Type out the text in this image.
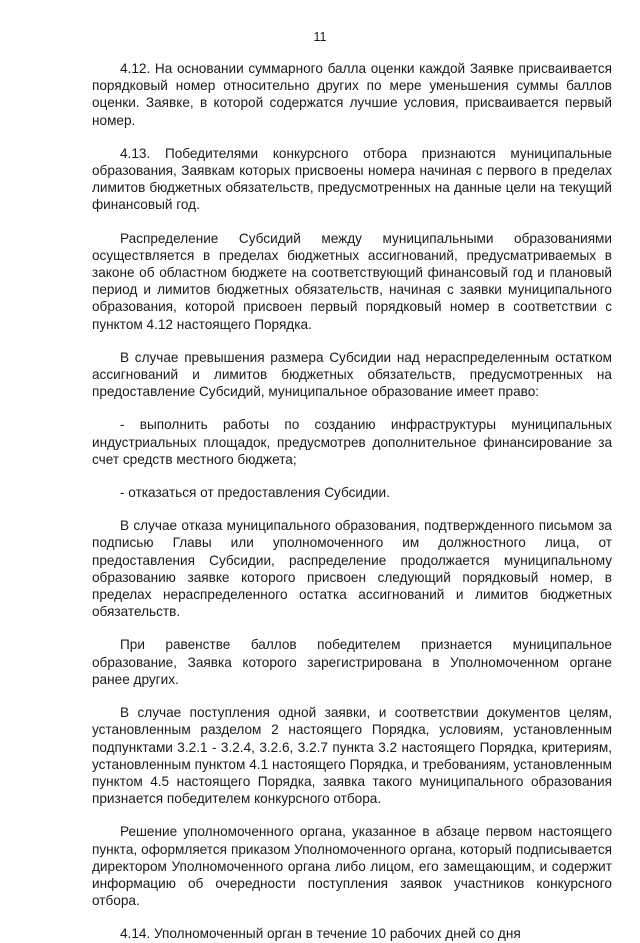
11

4.12. На основании суммарного балла оценки каждой Заявке присваивается порядковый номер относительно других по мере уменьшения суммы баллов оценки. Заявке, в которой содержатся лучшие условия, присваивается первый номер.

4.13. Победителями конкурсного отбора признаются муниципальные образования, Заявкам которых присвоены номера начиная с первого в пределах лимитов бюджетных обязательств, предусмотренных на данные цели на текущий финансовый год.

Распределение Субсидий между муниципальными образованиями осуществляется в пределах бюджетных ассигнований, предусматриваемых в законе об областном бюджете на соответствующий финансовый год и плановый период и лимитов бюджетных обязательств, начиная с заявки муниципального образования, которой присвоен первый порядковый номер в соответствии с пунктом 4.12 настоящего Порядка.

В случае превышения размера Субсидии над нераспределенным остатком ассигнований и лимитов бюджетных обязательств, предусмотренных на предоставление Субсидий, муниципальное образование имеет право:

- выполнить работы по созданию инфраструктуры муниципальных индустриальных площадок, предусмотрев дополнительное финансирование за счет средств местного бюджета;

- отказаться от предоставления Субсидии.

В случае отказа муниципального образования, подтвержденного письмом за подписью Главы или уполномоченного им должностного лица, от предоставления Субсидии, распределение продолжается муниципальному образованию заявке которого присвоен следующий порядковый номер, в пределах нераспределенного остатка ассигнований и лимитов бюджетных обязательств.

При равенстве баллов победителем признается муниципальное образование, Заявка которого зарегистрирована в Уполномоченном органе ранее других.

В случае поступления одной заявки, и соответствии документов целям, установленным разделом 2 настоящего Порядка, условиям, установленным подпунктами 3.2.1 - 3.2.4, 3.2.6, 3.2.7 пункта 3.2 настоящего Порядка, критериям, установленным пунктом 4.1 настоящего Порядка, и требованиям, установленным пунктом 4.5 настоящего Порядка, заявка такого муниципального образования признается победителем конкурсного отбора.

Решение уполномоченного органа, указанное в абзаце первом настоящего пункта, оформляется приказом Уполномоченного органа, который подписывается директором Уполномоченного органа либо лицом, его замещающим, и содержит информацию об очередности поступления заявок участников конкурсного отбора.

4.14. Уполномоченный орган в течение 10 рабочих дней со дня
